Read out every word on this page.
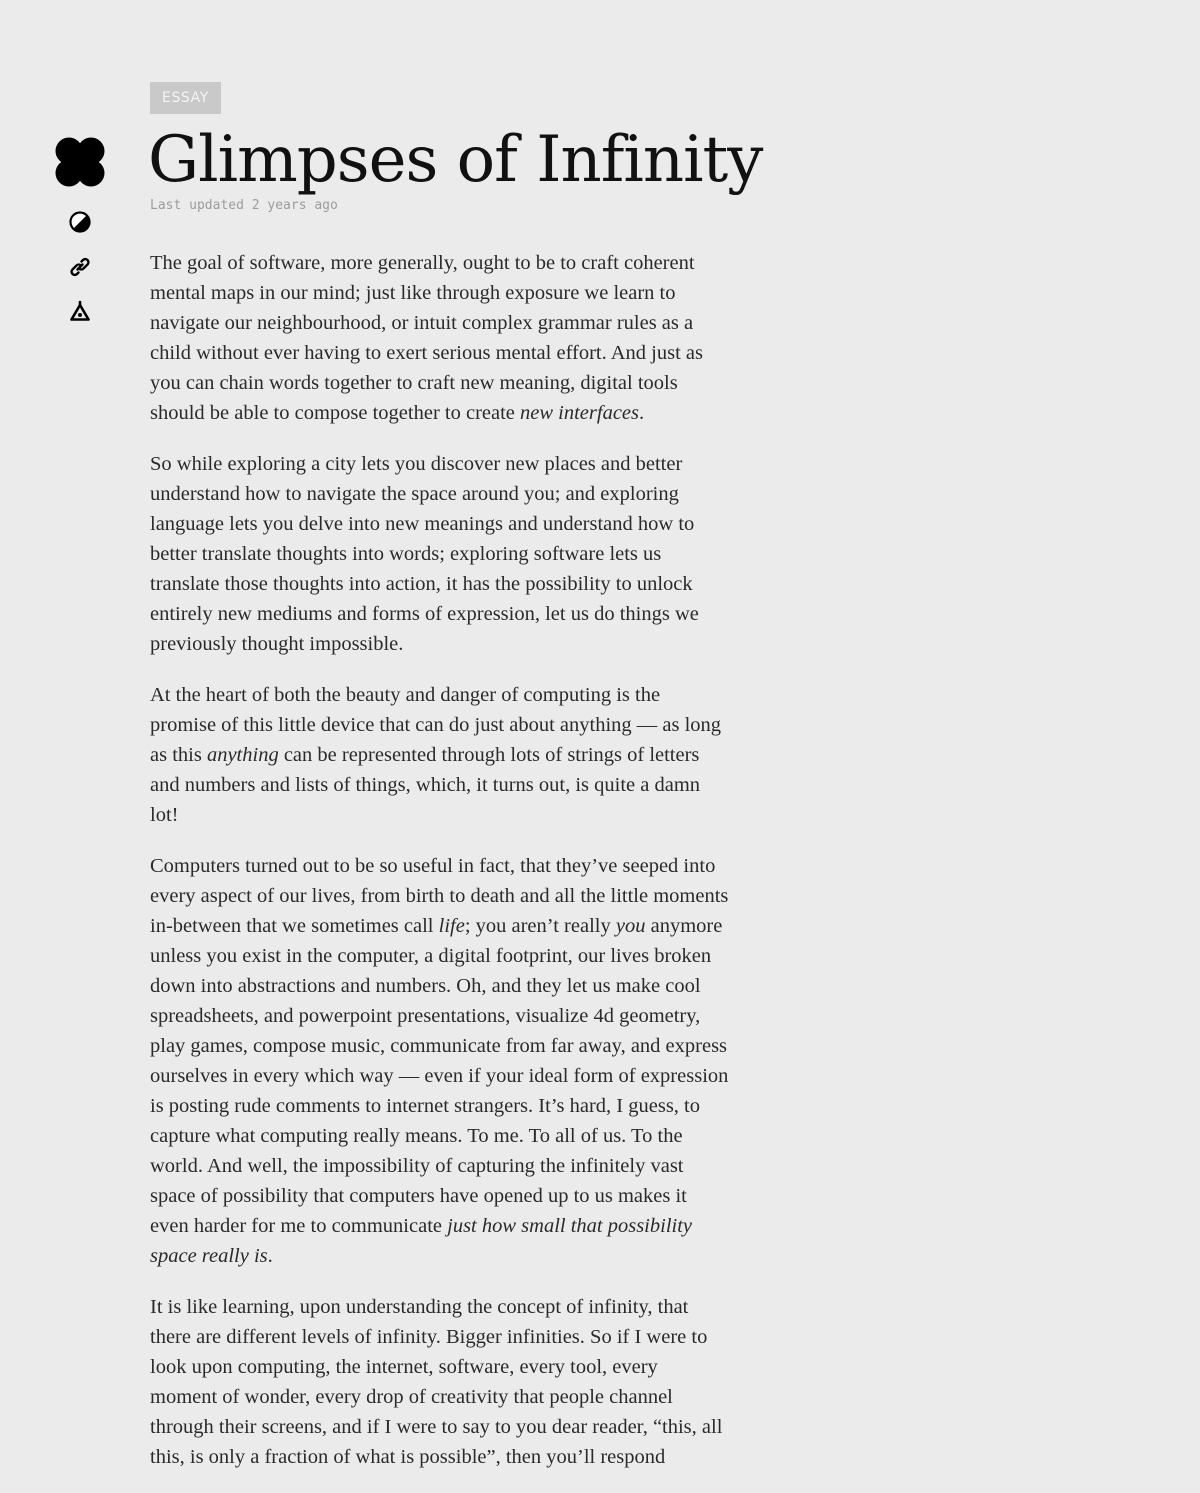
ESSAY
Glimpses of Infinity
Last updated 2 years ago

The goal of software, more generally, ought to be to craft coherent mental maps in our mind; just like through exposure we learn to navigate our neighbourhood, or intuit complex grammar rules as a child without ever having to exert serious mental effort. And just as you can chain words together to craft new meaning, digital tools should be able to compose together to create new interfaces.

So while exploring a city lets you discover new places and better understand how to navigate the space around you; and exploring language lets you delve into new meanings and understand how to better translate thoughts into words; exploring software lets us translate those thoughts into action, it has the possibility to unlock entirely new mediums and forms of expression, let us do things we previously thought impossible.

At the heart of both the beauty and danger of computing is the promise of this little device that can do just about anything — as long as this anything can be represented through lots of strings of letters and numbers and lists of things, which, it turns out, is quite a damn lot!

Computers turned out to be so useful in fact, that they’ve seeped into every aspect of our lives, from birth to death and all the little moments in-between that we sometimes call life; you aren’t really you anymore unless you exist in the computer, a digital footprint, our lives broken down into abstractions and numbers. Oh, and they let us make cool spreadsheets, and powerpoint presentations, visualize 4d geometry, play games, compose music, communicate from far away, and express ourselves in every which way — even if your ideal form of expression is posting rude comments to internet strangers. It’s hard, I guess, to capture what computing really means. To me. To all of us. To the world. And well, the impossibility of capturing the infinitely vast space of possibility that computers have opened up to us makes it even harder for me to communicate just how small that possibility space really is.

It is like learning, upon understanding the concept of infinity, that there are different levels of infinity. Bigger infinities. So if I were to look upon computing, the internet, software, every tool, every moment of wonder, every drop of creativity that people channel through their screens, and if I were to say to you dear reader, “this, all this, is only a fraction of what is possible”, then you’ll respond
